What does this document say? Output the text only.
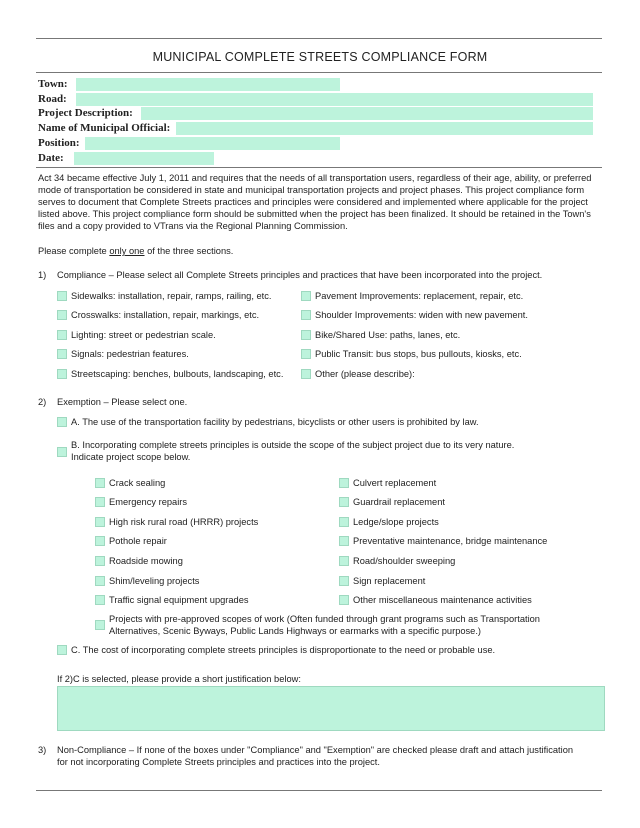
MUNICIPAL COMPLETE STREETS COMPLIANCE FORM
Town:
Road:
Project Description:
Name of Municipal Official:
Position:
Date:
Act 34 became effective July 1, 2011 and requires that the needs of all transportation users, regardless of their age, ability, or preferred mode of transportation be considered in state and municipal transportation projects and project phases. This project compliance form serves to document that Complete Streets practices and principles were considered and implemented where applicable for the project listed above. This project compliance form should be submitted when the project has been finalized. It should be retained in the Town's files and a copy provided to VTrans via the Regional Planning Commission.
Please complete only one of the three sections.
1) Compliance – Please select all Complete Streets principles and practices that have been incorporated into the project.
Sidewalks: installation, repair, ramps, railing, etc.
Crosswalks: installation, repair, markings, etc.
Lighting: street or pedestrian scale.
Signals: pedestrian features.
Streetscaping: benches, bulbouts, landscaping, etc.
Pavement Improvements: replacement, repair, etc.
Shoulder Improvements: widen with new pavement.
Bike/Shared Use: paths, lanes, etc.
Public Transit: bus stops, bus pullouts, kiosks, etc.
Other (please describe):
2) Exemption – Please select one.
A. The use of the transportation facility by pedestrians, bicyclists or other users is prohibited by law.
B. Incorporating complete streets principles is outside the scope of the subject project due to its very nature.
Indicate project scope below.
Crack sealing
Emergency repairs
High risk rural road (HRRR) projects
Pothole repair
Roadside mowing
Shim/leveling projects
Traffic signal equipment upgrades
Culvert replacement
Guardrail replacement
Ledge/slope projects
Preventative maintenance, bridge maintenance
Road/shoulder sweeping
Sign replacement
Other miscellaneous maintenance activities
Projects with pre-approved scopes of work (Often funded through grant programs such as Transportation
Alternatives, Scenic Byways, Public Lands Highways or earmarks with a specific purpose.)
C. The cost of incorporating complete streets principles is disproportionate to the need or probable use.
If 2)C is selected, please provide a short justification below:
3) Non-Compliance – If none of the boxes under "Compliance" and "Exemption" are checked please draft and attach justification
for not incorporating Complete Streets principles and practices into the project.
